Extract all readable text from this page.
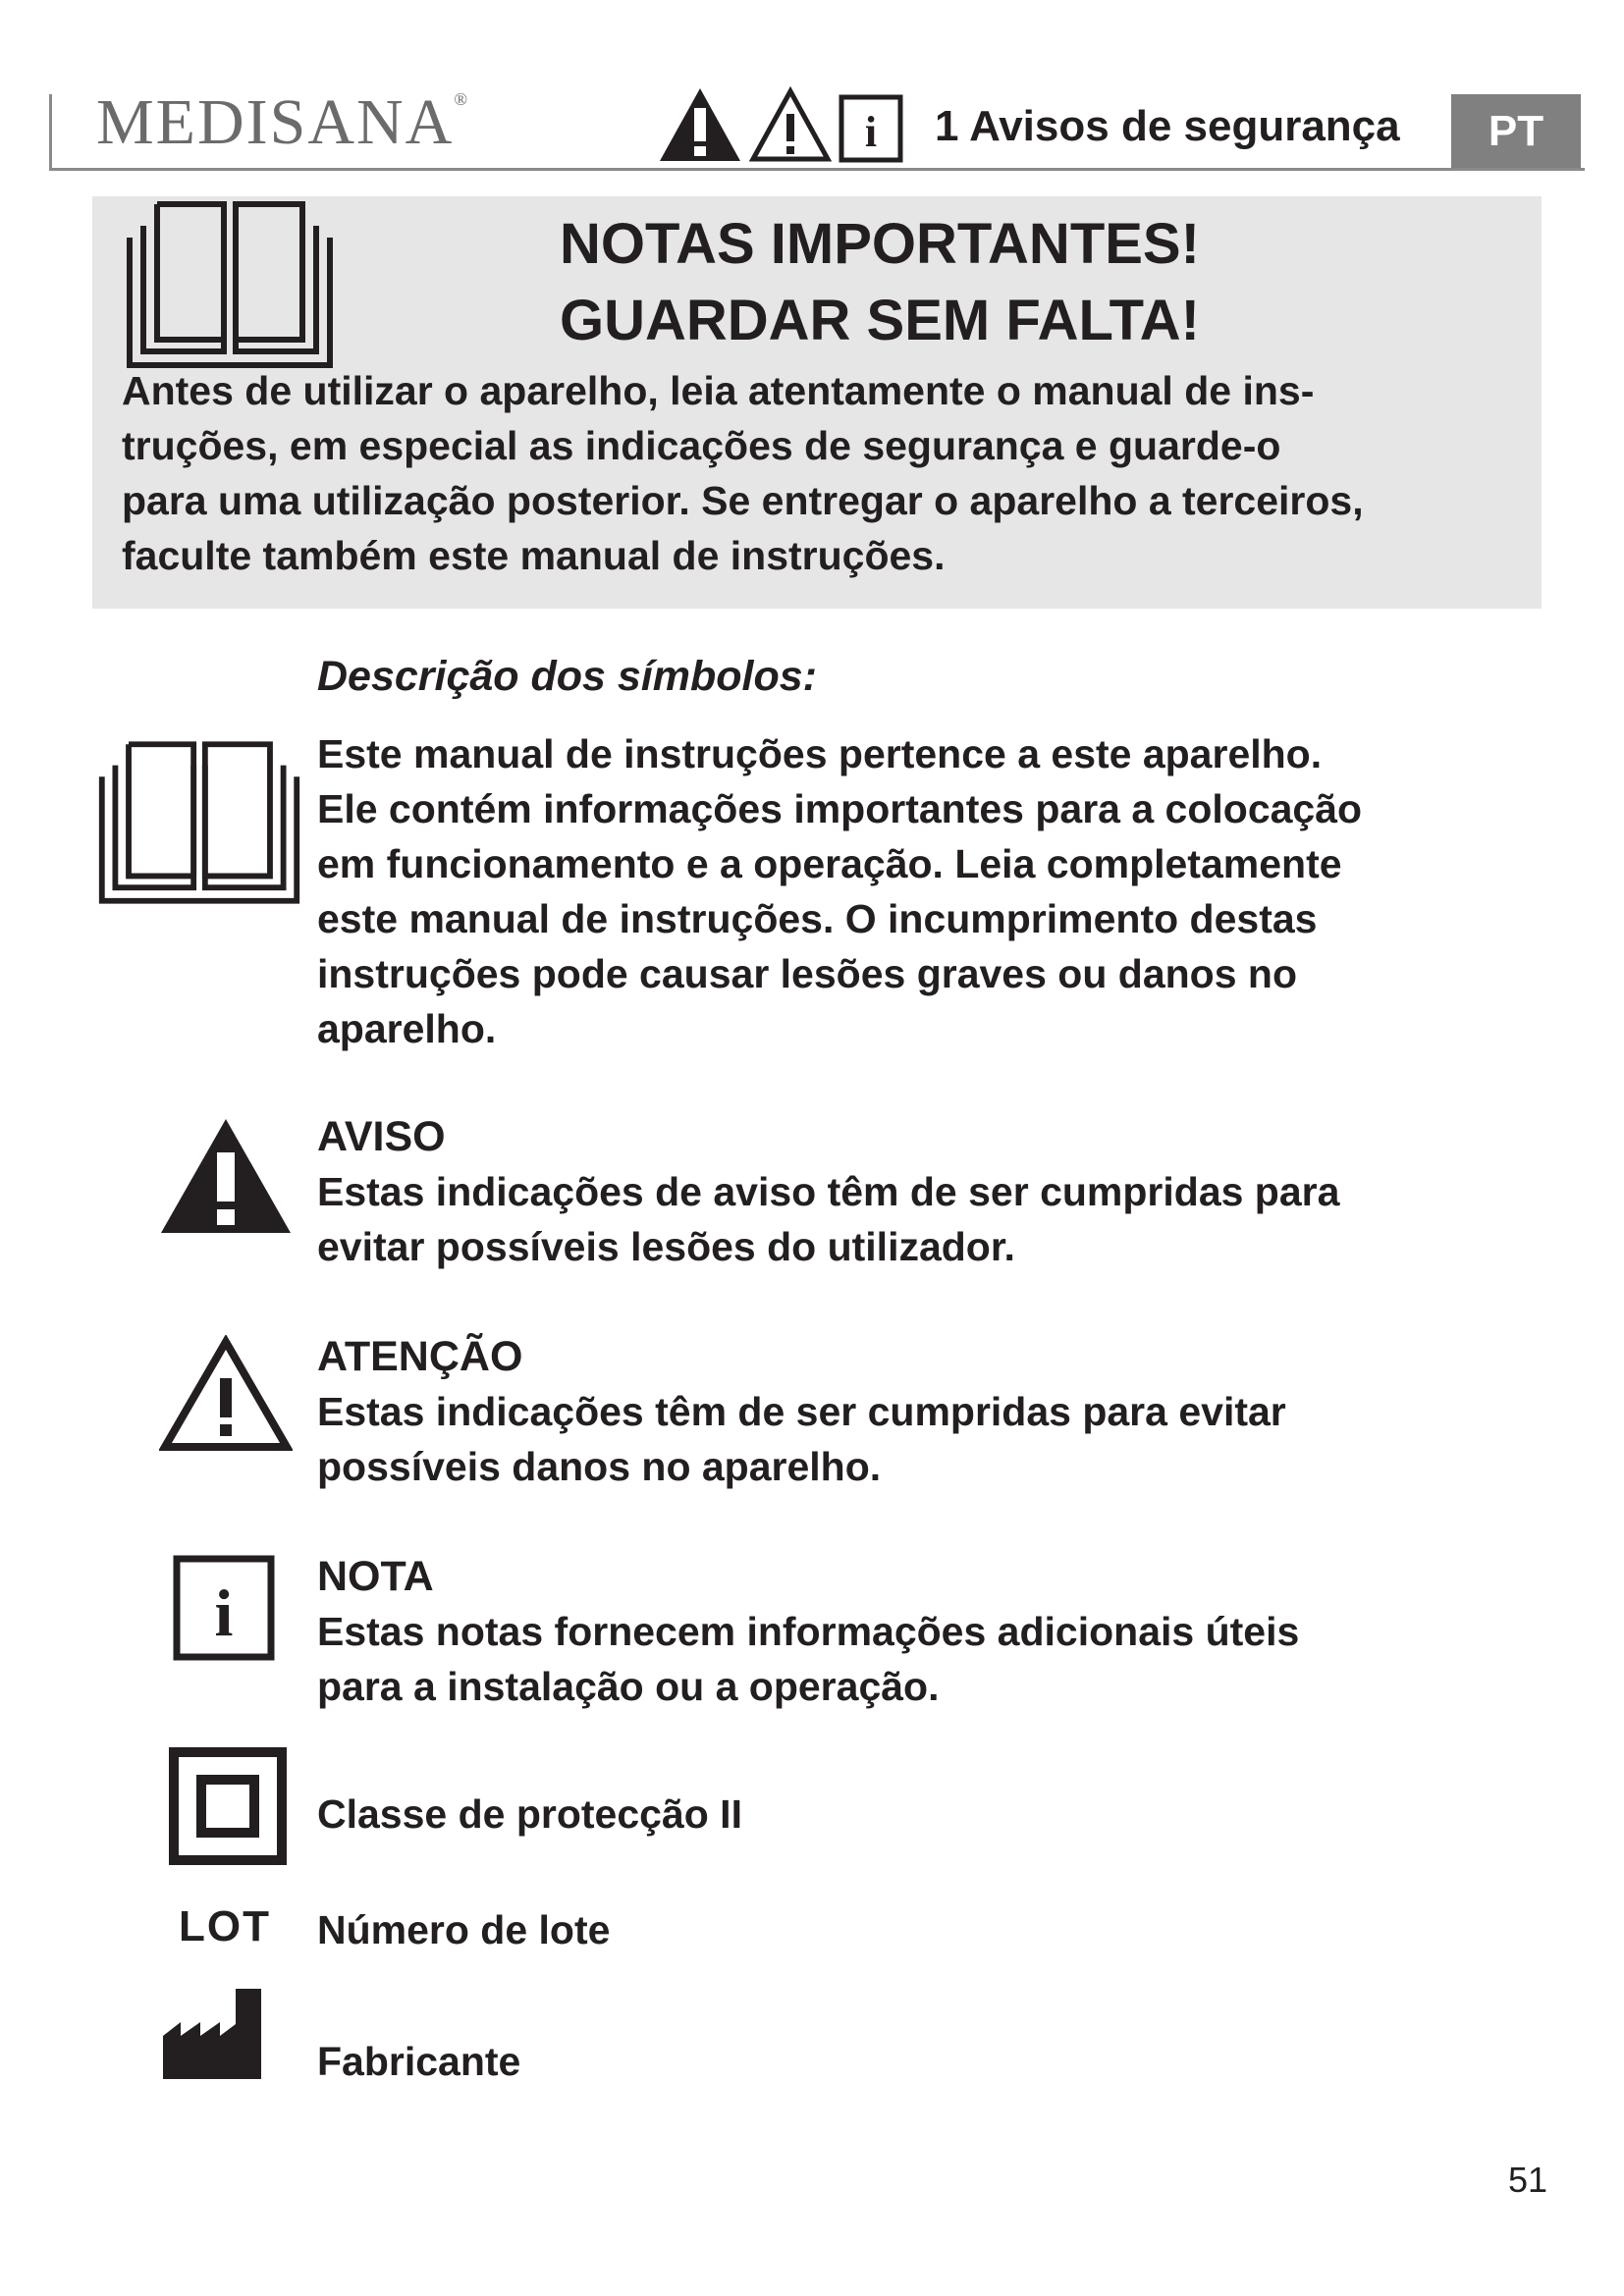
MEDISANA®
i 1 Avisos de segurança PT
NOTAS IMPORTANTES!
GUARDAR SEM FALTA!
Antes de utilizar o aparelho, leia atentamente o manual de ins-
truções, em especial as indicações de segurança e guarde-o
para uma utilização posterior. Se entregar o aparelho a terceiros,
faculte também este manual de instruções.
Descrição dos símbolos:
Este manual de instruções pertence a este aparelho.
Ele contém informações importantes para a colocação
em funcionamento e a operação. Leia completamente
este manual de instruções. O incumprimento destas
instruções pode causar lesões graves ou danos no
aparelho.
AVISO
Estas indicações de aviso têm de ser cumpridas para
evitar possíveis lesões do utilizador.
ATENÇÃO
Estas indicações têm de ser cumpridas para evitar
possíveis danos no aparelho.
i NOTA
Estas notas fornecem informações adicionais úteis
para a instalação ou a operação.
Classe de protecção II
LOT Número de lote
Fabricante
51
